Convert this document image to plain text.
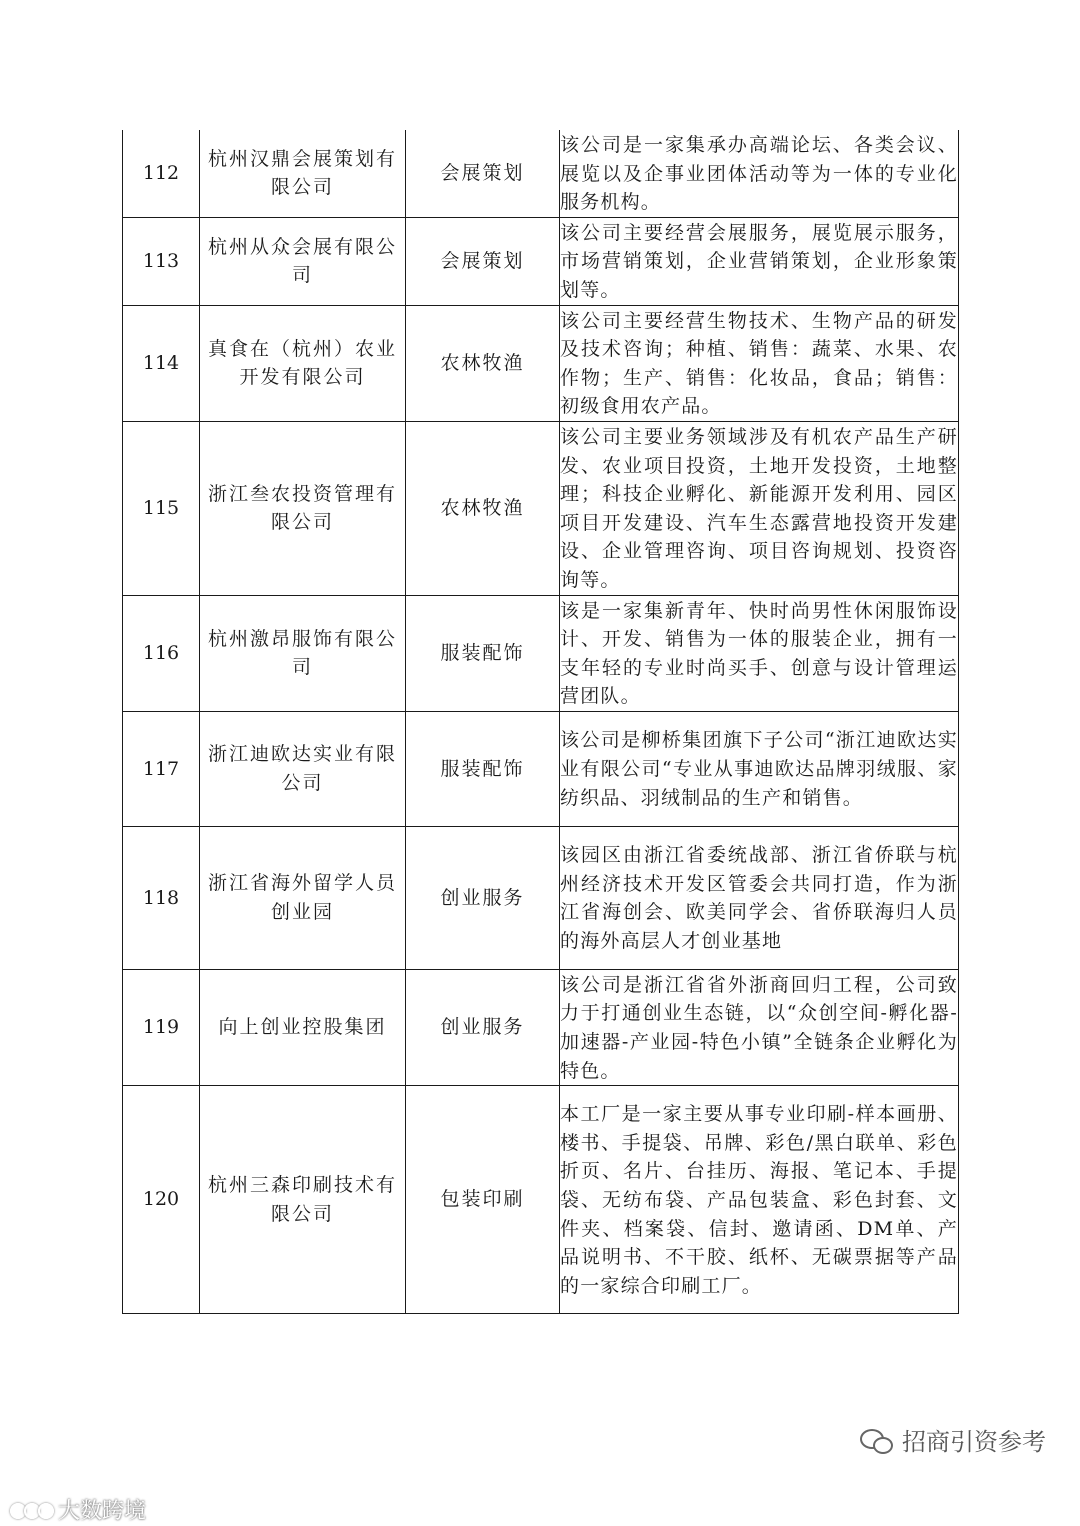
112	杭州汉鼎会展策划有限公司	会展策划	该公司是一家集承办高端论坛、各类会议、展览以及企事业团体活动等为一体的专业化服务机构。

113	杭州从众会展有限公司	会展策划	该公司主要经营会展服务，展览展示服务，市场营销策划，企业营销策划，企业形象策划等。

114	真食在（杭州）农业开发有限公司	农林牧渔	该公司主要经营生物技术、生物产品的研发及技术咨询；种植、销售：蔬菜、水果、农作物；生产、销售：化妆品，食品；销售：初级食用农产品。

115	浙江叁农投资管理有限公司	农林牧渔	该公司主要业务领域涉及有机农产品生产研发、农业项目投资，土地开发投资，土地整理；科技企业孵化、新能源开发利用、园区项目开发建设、汽车生态露营地投资开发建设、企业管理咨询、项目咨询规划、投资咨询等。

116	杭州激昂服饰有限公司	服装配饰	该是一家集新青年、快时尚男性休闲服饰设计、开发、销售为一体的服装企业，拥有一支年轻的专业时尚买手、创意与设计管理运营团队。

117	浙江迪欧达实业有限公司	服装配饰	该公司是柳桥集团旗下子公司“浙江迪欧达实业有限公司“专业从事迪欧达品牌羽绒服、家纺织品、羽绒制品的生产和销售。

118	浙江省海外留学人员创业园	创业服务	该园区由浙江省委统战部、浙江省侨联与杭州经济技术开发区管委会共同打造，作为浙江省海创会、欧美同学会、省侨联海归人员的海外高层人才创业基地

119	向上创业控股集团	创业服务	该公司是浙江省省外浙商回归工程，公司致力于打通创业生态链，以“众创空间-孵化器-加速器-产业园-特色小镇”全链条企业孵化为特色。

120	杭州三森印刷技术有限公司	包装印刷	本工厂是一家主要从事专业印刷-样本画册、楼书、手提袋、吊牌、彩色/黑白联单、彩色折页、名片、台挂历、海报、笔记本、手提袋、无纺布袋、产品包装盒、彩色封套、文件夹、档案袋、信封、邀请函、DM单、产品说明书、不干胶、纸杯、无碳票据等产品的一家综合印刷工厂。
招商引资参考
大数跨境
